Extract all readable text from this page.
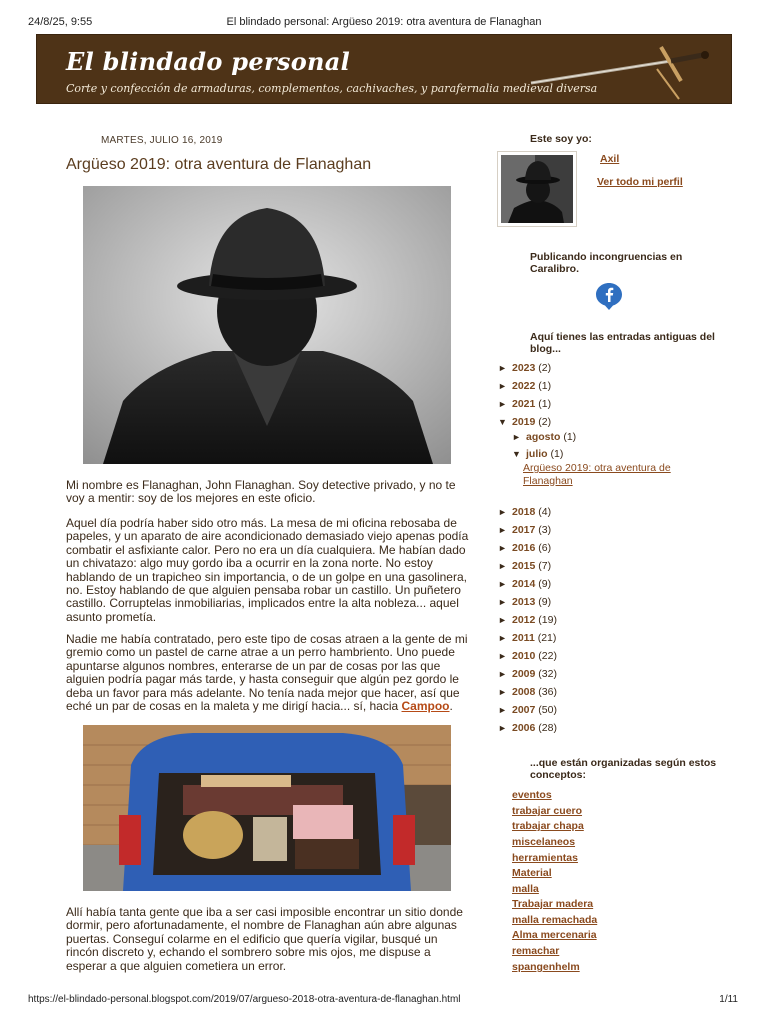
24/8/25, 9:55	El blindado personal: Argüeso 2019: otra aventura de Flanaghan
El blindado personal
Corte y confección de armaduras, complementos, cachivaches, y parafernalia medieval diversa
MARTES, JULIO 16, 2019
Argüeso 2019: otra aventura de Flanaghan

Mi nombre es Flanaghan, John Flanaghan. Soy detective privado, y no te voy a mentir: soy de los mejores en este oficio.

Aquel día podría haber sido otro más. La mesa de mi oficina rebosaba de papeles, y un aparato de aire acondicionado demasiado viejo apenas podía combatir el asfixiante calor. Pero no era un día cualquiera. Me habían dado un chivatazo: algo muy gordo iba a ocurrir en la zona norte. No estoy hablando de un trapicheo sin importancia, o de un golpe en una gasolinera, no. Estoy hablando de que alguien pensaba robar un castillo. Un puñetero castillo. Corruptelas inmobiliarias, implicados entre la alta nobleza... aquel asunto prometía.

Nadie me había contratado, pero este tipo de cosas atraen a la gente de mi gremio como un pastel de carne atrae a un perro hambriento. Uno puede apuntarse algunos nombres, enterarse de un par de cosas por las que alguien podría pagar más tarde, y hasta conseguir que algún pez gordo le deba un favor para más adelante. No tenía nada mejor que hacer, así que eché un par de cosas en la maleta y me dirigí hacia... sí, hacia Campoo.

Allí había tanta gente que iba a ser casi imposible encontrar un sitio donde dormir, pero afortunadamente, el nombre de Flanaghan aún abre algunas puertas. Conseguí colarme en el edificio que quería vigilar, busqué un rincón discreto y, echando el sombrero sobre mis ojos, me dispuse a esperar a que alguien cometiera un error.

Este soy yo:
Axil
Ver todo mi perfil
Publicando incongruencias en Caralibro.
Aquí tienes las entradas antiguas del blog...
► 2023 (2)
► 2022 (1)
► 2021 (1)
▼ 2019 (2)
► agosto (1)
▼ julio (1)
Argüeso 2019: otra aventura de Flanaghan
► 2018 (4)
► 2017 (3)
► 2016 (6)
► 2015 (7)
► 2014 (9)
► 2013 (9)
► 2012 (19)
► 2011 (21)
► 2010 (22)
► 2009 (32)
► 2008 (36)
► 2007 (50)
► 2006 (28)
...que están organizadas según estos conceptos:
eventos
trabajar cuero
trabajar chapa
miscelaneos
herramientas
Material
malla
Trabajar madera
malla remachada
Alma mercenaria
remachar
spangenhelm
https://el-blindado-personal.blogspot.com/2019/07/argueso-2018-otra-aventura-de-flanaghan.html	1/11
